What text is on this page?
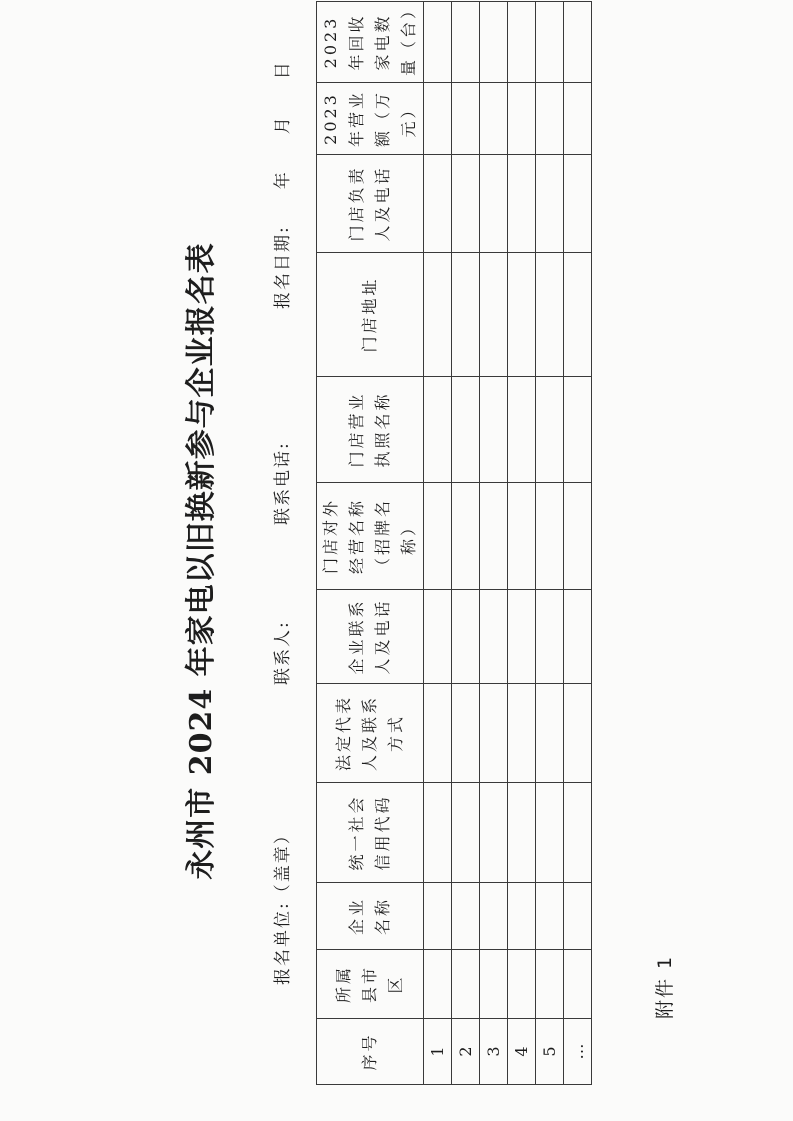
附件 1
永州市 2024 年家电以旧换新参与企业报名表
报名单位:（盖章）
联系人:
联系电话:
报名日期:年月日
序号	所属县市区	企业名称	统一社会信用代码	法定代表人及联系方式	企业联系人及电话	门店对外经营名称（招牌名称）	门店营业执照名称	门店地址	门店负责人及电话	2023 年营业额（万元）	2023 年回收家电数量（台）
1											
2											
3											
4											
5											
…											
